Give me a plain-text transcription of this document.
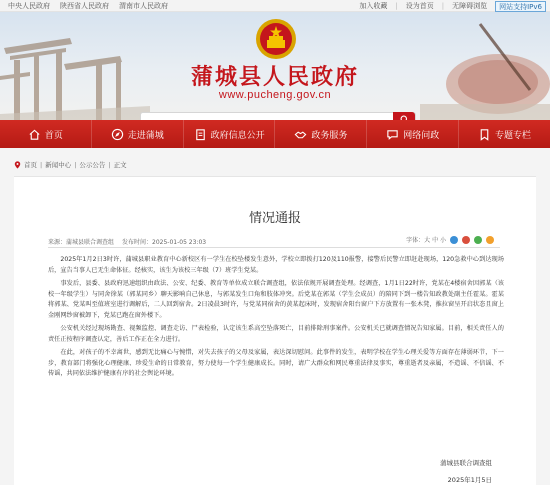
中央人民政府 陕西省人民政府 渭南市人民政府	加入收藏 | 设为首页 | 无障碍浏览	网站支持IPv6
蒲城县人民政府
www.pucheng.gov.cn
请输入要查询的关键字
首页	走进蒲城	政府信息公开	政务服务	网络问政	专题专栏
首页 | 新闻中心 | 公示公告 | 正文
情况通报
来源：蒲城县联合调查组 发布时间：2025-01-05 23:03	字体：大 中 小

2025年1月2日3时许，蒲城县职业教育中心新校区有一学生在校坠楼发生意外，学校立即拨打120及110报警，接警后民警立即赶赴现场，120急救中心到达现场后，宣告当事人已无生命体征。经核实，该生为该校三年级（7）班学生党某。

事发后，县委、县政府迅速组织由政法、公安、纪委、教育等单位成立联合调查组，依法依规开展调查处理。经调查，1月1日22时许，党某在4楼宿舍因郭某（该校一年级学生）与同舍徐某（郭某同乡）聊天影响自己休息，与郭某发生口角和肢体冲突。后党某在郭某（学生会成员）的陪同下到一楼告知政教处副主任霍某。霍某将郭某、党某叫至值班室进行调解后，二人回到宿舍。2日凌晨3时许，与党某同宿舍的黄某起床时，发现宿舍阳台窗户下方放置有一张木凳，推拉窗呈开启状态且窗上金刚网纱窗被卸下，党某已跑在窗外楼下。

公安机关经过现场勘查、视频监控、调查走访、尸表检验，认定该生系高空坠落死亡，目前排除刑事案件。公安机关已就调查情况告知家属。目前，相关责任人的责任正按程序调查认定，善后工作正在全力进行。

在此，对孩子的不幸离世，感到无比痛心与惋惜，对失去孩子的父母及家属，表达深切慰问。此事件的发生，表明学校在学生心理关爱等方面存在薄弱环节，下一步，教育部门将强化心理健康、珍爱生命的日常教育，努力使每一个学生健康成长。同时，请广大群众和网民尊重法律及事实，尊重逝者及亲属，不造谣、不信谣、不传谣，共同依法维护健康有序的社会舆论环境。

蒲城县联合调查组
2025年1月5日
